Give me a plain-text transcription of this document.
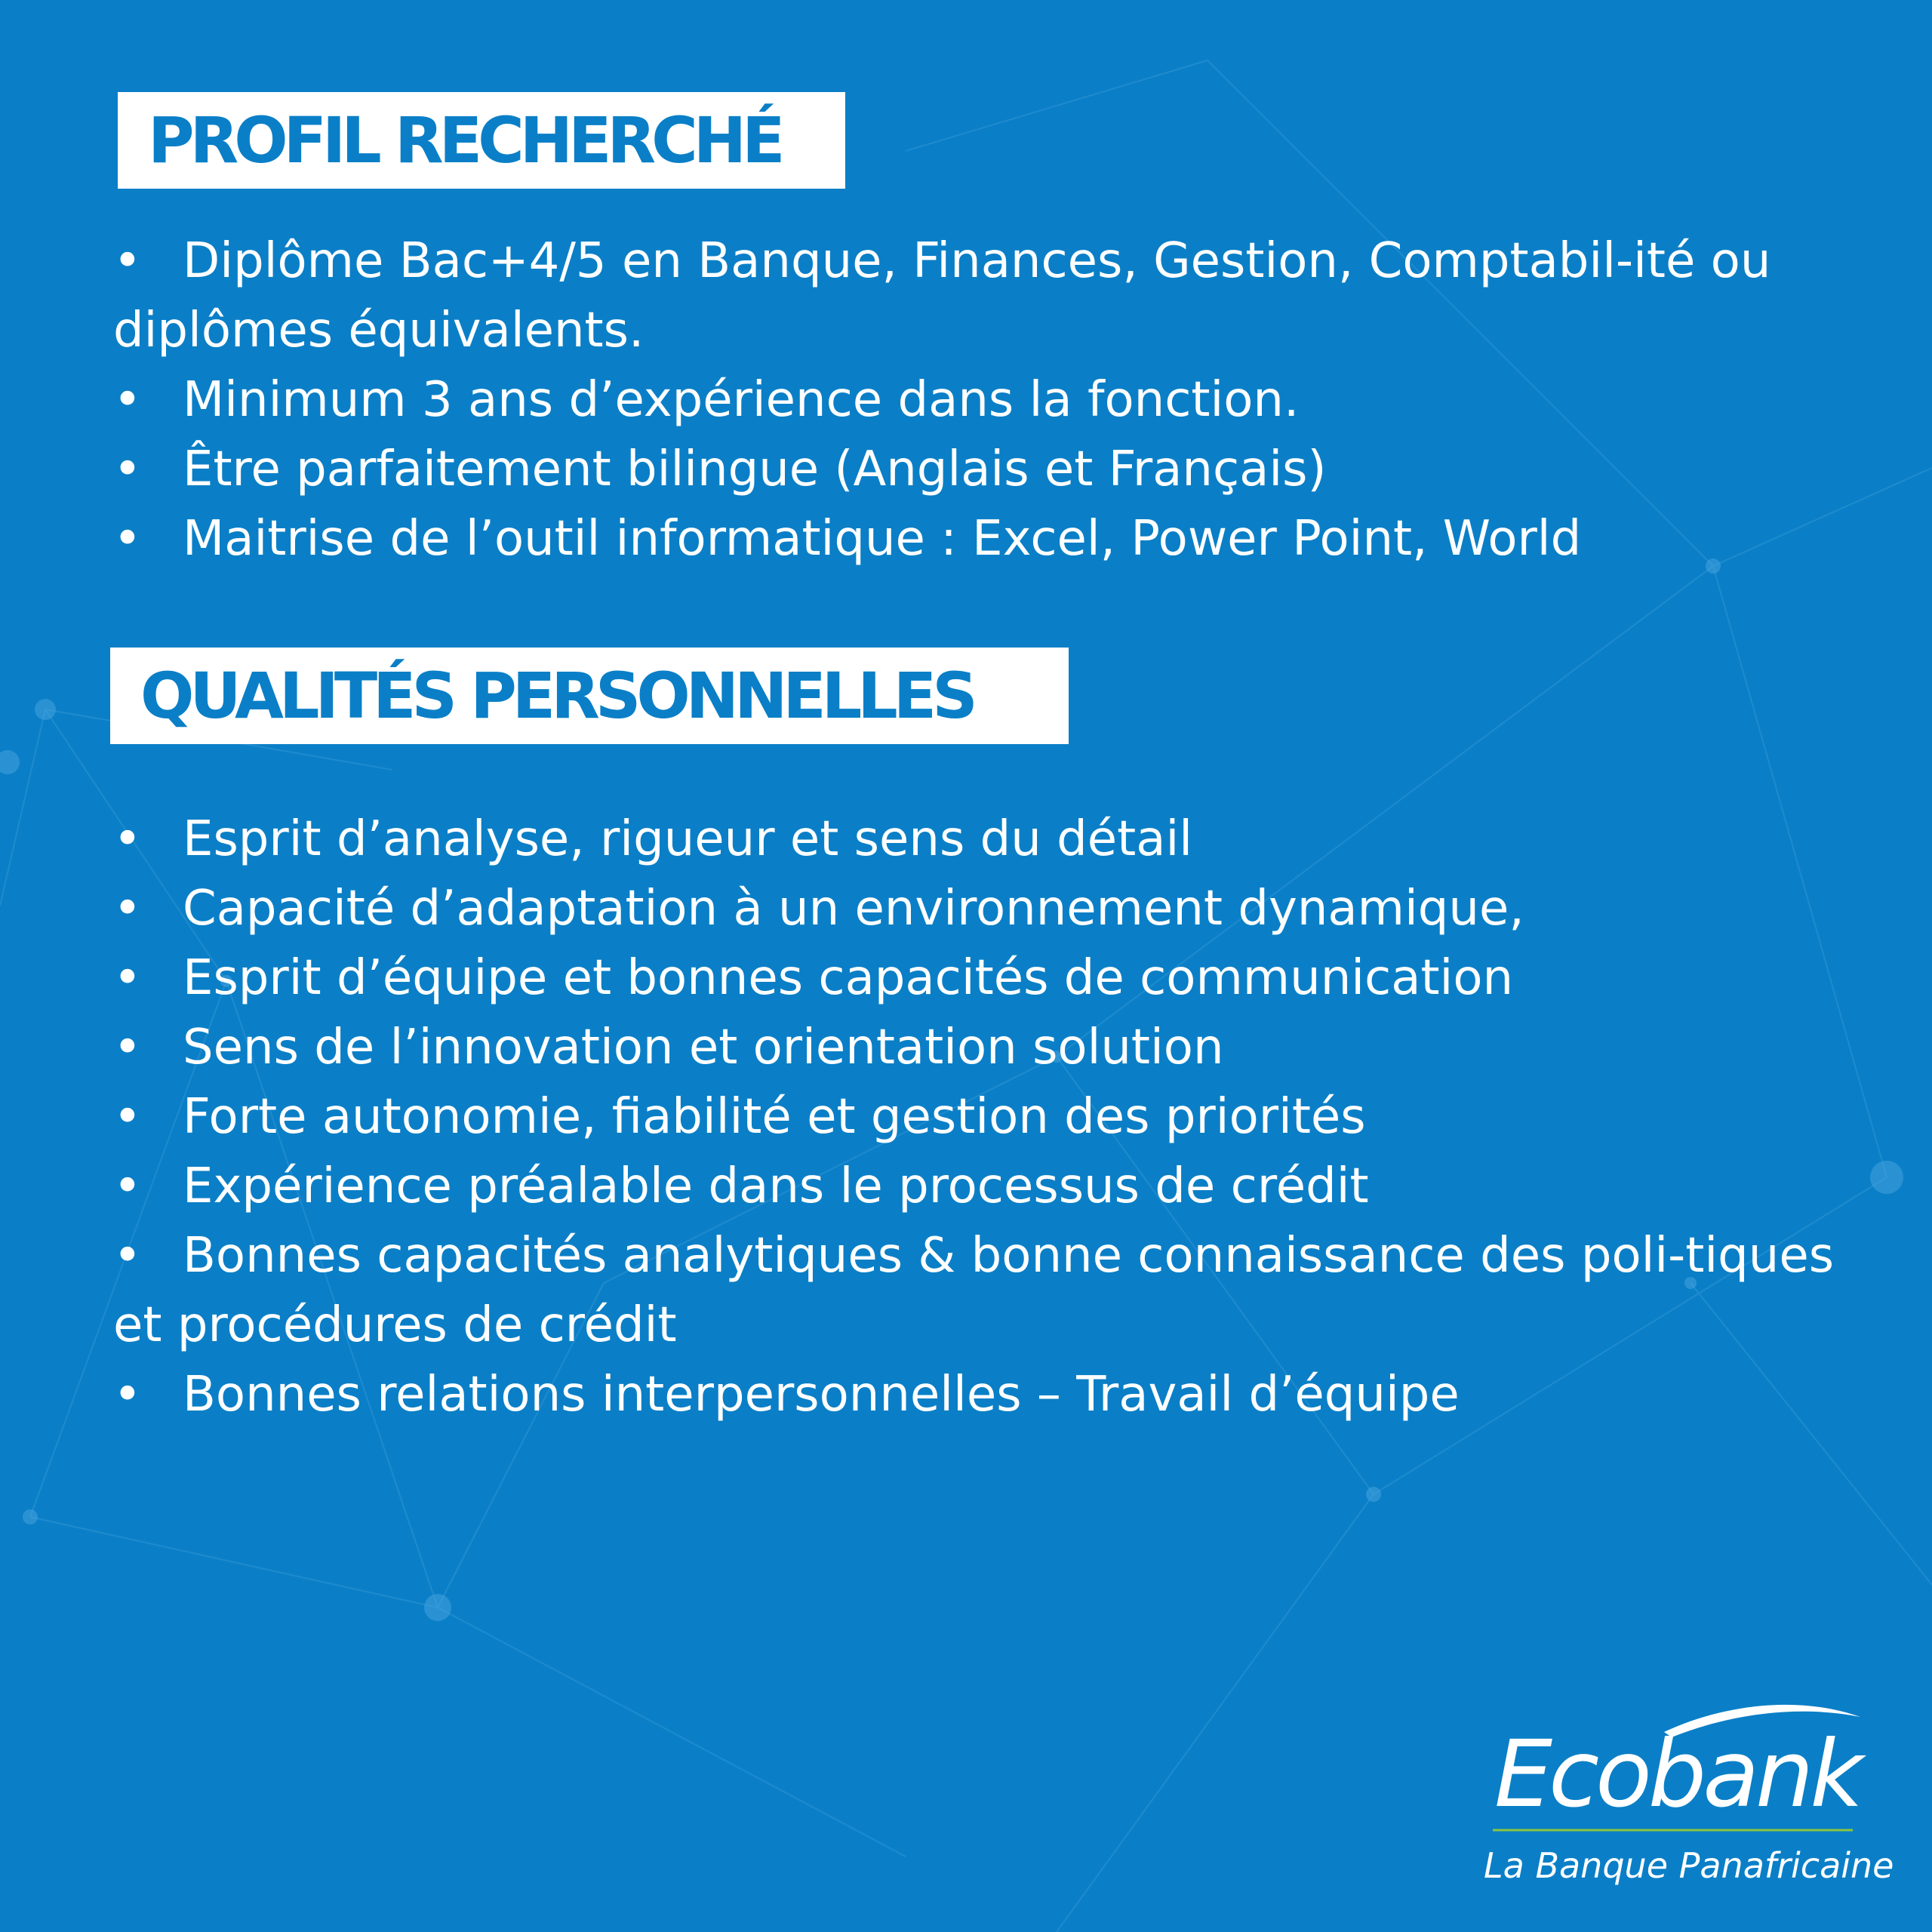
PROFIL RECHERCHÉ
• Diplôme Bac+4/5 en Banque, Finances, Gestion, Comptabil-ité ou diplômes équivalents.
• Minimum 3 ans d’expérience dans la fonction.
• Être parfaitement bilingue (Anglais et Français)
• Maitrise de l’outil informatique : Excel, Power Point, World
QUALITÉS PERSONNELLES
• Esprit d’analyse, rigueur et sens du détail
• Capacité d’adaptation à un environnement dynamique,
• Esprit d’équipe et bonnes capacités de communication
• Sens de l’innovation et orientation solution
• Forte autonomie, fiabilité et gestion des priorités
• Expérience préalable dans le processus de crédit
• Bonnes capacités analytiques & bonne connaissance des poli-tiques et procédures de crédit
• Bonnes relations interpersonnelles – Travail d’équipe
Ecobank
La Banque Panafricaine
